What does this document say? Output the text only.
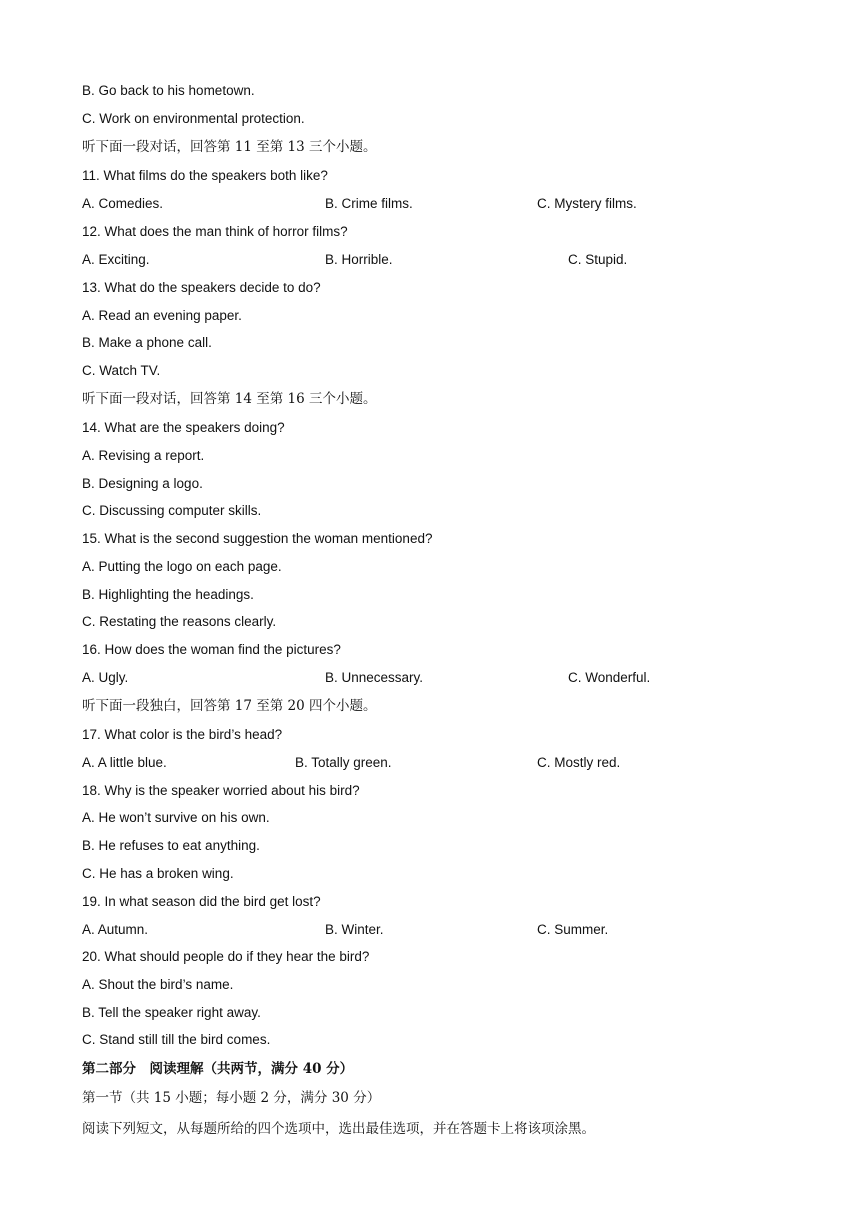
B. Go back to his hometown.
C. Work on environmental protection.
听下面一段对话，回答第 11 至第 13 三个小题。
11. What films do the speakers both like?
A. Comedies.	B. Crime films.	C. Mystery films.
12. What does the man think of horror films?
A. Exciting.	B. Horrible.	C. Stupid.
13. What do the speakers decide to do?
A. Read an evening paper.
B. Make a phone call.
C. Watch TV.
听下面一段对话，回答第 14 至第 16 三个小题。
14. What are the speakers doing?
A. Revising a report.
B. Designing a logo.
C. Discussing computer skills.
15. What is the second suggestion the woman mentioned?
A. Putting the logo on each page.
B. Highlighting the headings.
C. Restating the reasons clearly.
16. How does the woman find the pictures?
A. Ugly.	B. Unnecessary.	C. Wonderful.
听下面一段独白，回答第 17 至第 20 四个小题。
17. What color is the bird’s head?
A. A little blue.	B. Totally green.	C. Mostly red.
18. Why is the speaker worried about his bird?
A. He won’t survive on his own.
B. He refuses to eat anything.
C. He has a broken wing.
19. In what season did the bird get lost?
A. Autumn.	B. Winter.	C. Summer.
20. What should people do if they hear the bird?
A. Shout the bird’s name.
B. Tell the speaker right away.
C. Stand still till the bird comes.
第二部分　阅读理解（共两节，满分 40 分）
第一节（共 15 小题；每小题 2 分，满分 30 分）
阅读下列短文，从每题所给的四个选项中，选出最佳选项，并在答题卡上将该项涂黑。
